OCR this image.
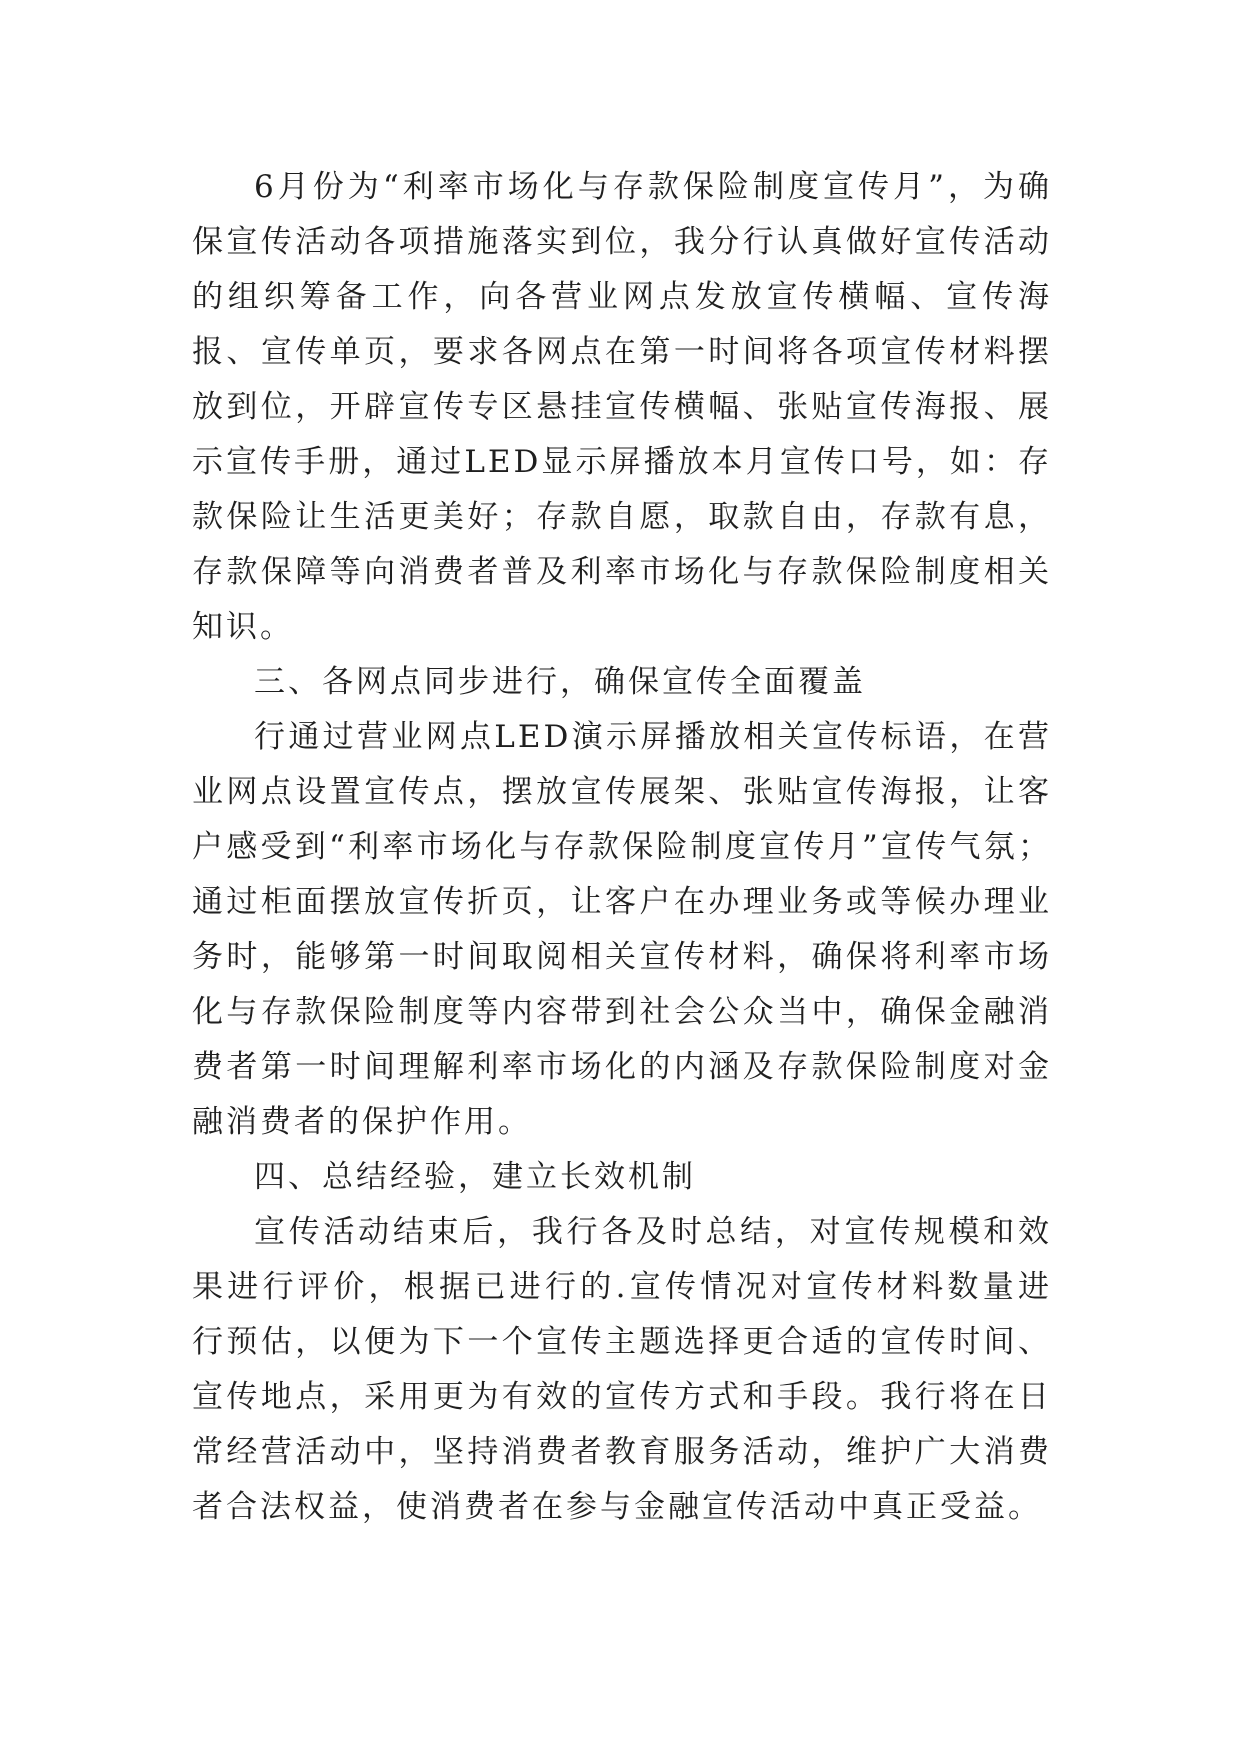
6月份为“利率市场化与存款保险制度宣传月”，为确保宣传活动各项措施落实到位，我分行认真做好宣传活动的组织筹备工作，向各营业网点发放宣传横幅、宣传海报、宣传单页，要求各网点在第一时间将各项宣传材料摆放到位，开辟宣传专区悬挂宣传横幅、张贴宣传海报、展示宣传手册，通过LED显示屏播放本月宣传口号，如：存款保险让生活更美好；存款自愿，取款自由，存款有息，存款保障等向消费者普及利率市场化与存款保险制度相关知识。

三、各网点同步进行，确保宣传全面覆盖

行通过营业网点LED演示屏播放相关宣传标语，在营业网点设置宣传点，摆放宣传展架、张贴宣传海报，让客户感受到“利率市场化与存款保险制度宣传月”宣传气氛；通过柜面摆放宣传折页，让客户在办理业务或等候办理业务时，能够第一时间取阅相关宣传材料，确保将利率市场化与存款保险制度等内容带到社会公众当中，确保金融消费者第一时间理解利率市场化的内涵及存款保险制度对金融消费者的保护作用。

四、总结经验，建立长效机制

宣传活动结束后，我行各及时总结，对宣传规模和效果进行评价，根据已进行的.宣传情况对宣传材料数量进行预估，以便为下一个宣传主题选择更合适的宣传时间、宣传地点，采用更为有效的宣传方式和手段。我行将在日常经营活动中，坚持消费者教育服务活动，维护广大消费者合法权益，使消费者在参与金融宣传活动中真正受益。
